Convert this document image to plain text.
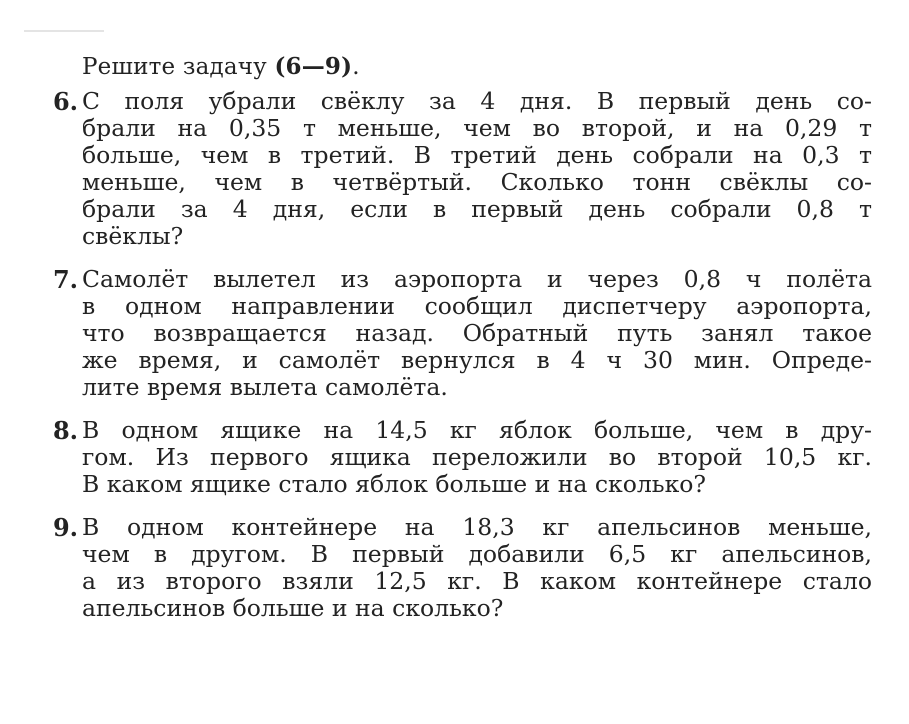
Решите задачу (6—9).
6. С поля убрали свёклу за 4 дня. В первый день со-
брали на 0,35 т меньше, чем во второй, и на 0,29 т
больше, чем в третий. В третий день собрали на 0,3 т
меньше, чем в четвёртый. Сколько тонн свёклы со-
брали за 4 дня, если в первый день собрали 0,8 т
свёклы?
7. Самолёт вылетел из аэропорта и через 0,8 ч полёта
в одном направлении сообщил диспетчеру аэропорта,
что возвращается назад. Обратный путь занял такое
же время, и самолёт вернулся в 4 ч 30 мин. Опреде-
лите время вылета самолёта.
8. В одном ящике на 14,5 кг яблок больше, чем в дру-
гом. Из первого ящика переложили во второй 10,5 кг.
В каком ящике стало яблок больше и на сколько?
9. В одном контейнере на 18,3 кг апельсинов меньше,
чем в другом. В первый добавили 6,5 кг апельсинов,
а из второго взяли 12,5 кг. В каком контейнере стало
апельсинов больше и на сколько?
